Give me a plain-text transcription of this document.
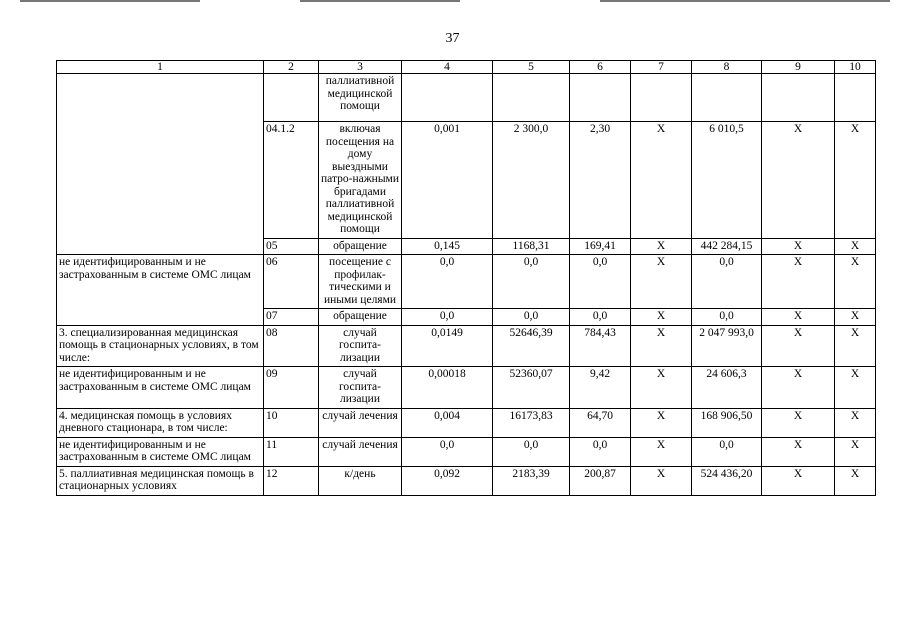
37
1	2	3	4	5	6	7	8	9	10
		паллиативной медицинской помощи							
	04.1.2	включая посещения на дому выездными патро-нажными бригадами паллиативной медицинской помощи	0,001	2 300,0	2,30	X	6 010,5	X	X
	05	обращение	0,145	1168,31	169,41	X	442 284,15	X	X
не идентифицированным и не застрахованным в системе ОМС лицам	06	посещение с профилак-тическими и иными целями	0,0	0,0	0,0	X	0,0	X	X
	07	обращение	0,0	0,0	0,0	X	0,0	X	X
3. специализированная медицинская помощь в стационарных условиях, в том числе:	08	случай госпита-лизации	0,0149	52646,39	784,43	X	2 047 993,0	X	X
не идентифицированным и не застрахованным в системе ОМС лицам	09	случай госпита-лизации	0,00018	52360,07	9,42	X	24 606,3	X	X
4. медицинская помощь в условиях дневного стационара, в том числе:	10	случай лечения	0,004	16173,83	64,70	X	168 906,50	X	X
не идентифицированным и не застрахованным в системе ОМС лицам	11	случай лечения	0,0	0,0	0,0	X	0,0	X	X
5. паллиативная медицинская помощь в стационарных условиях	12	к/день	0,092	2183,39	200,87	X	524 436,20	X	X
